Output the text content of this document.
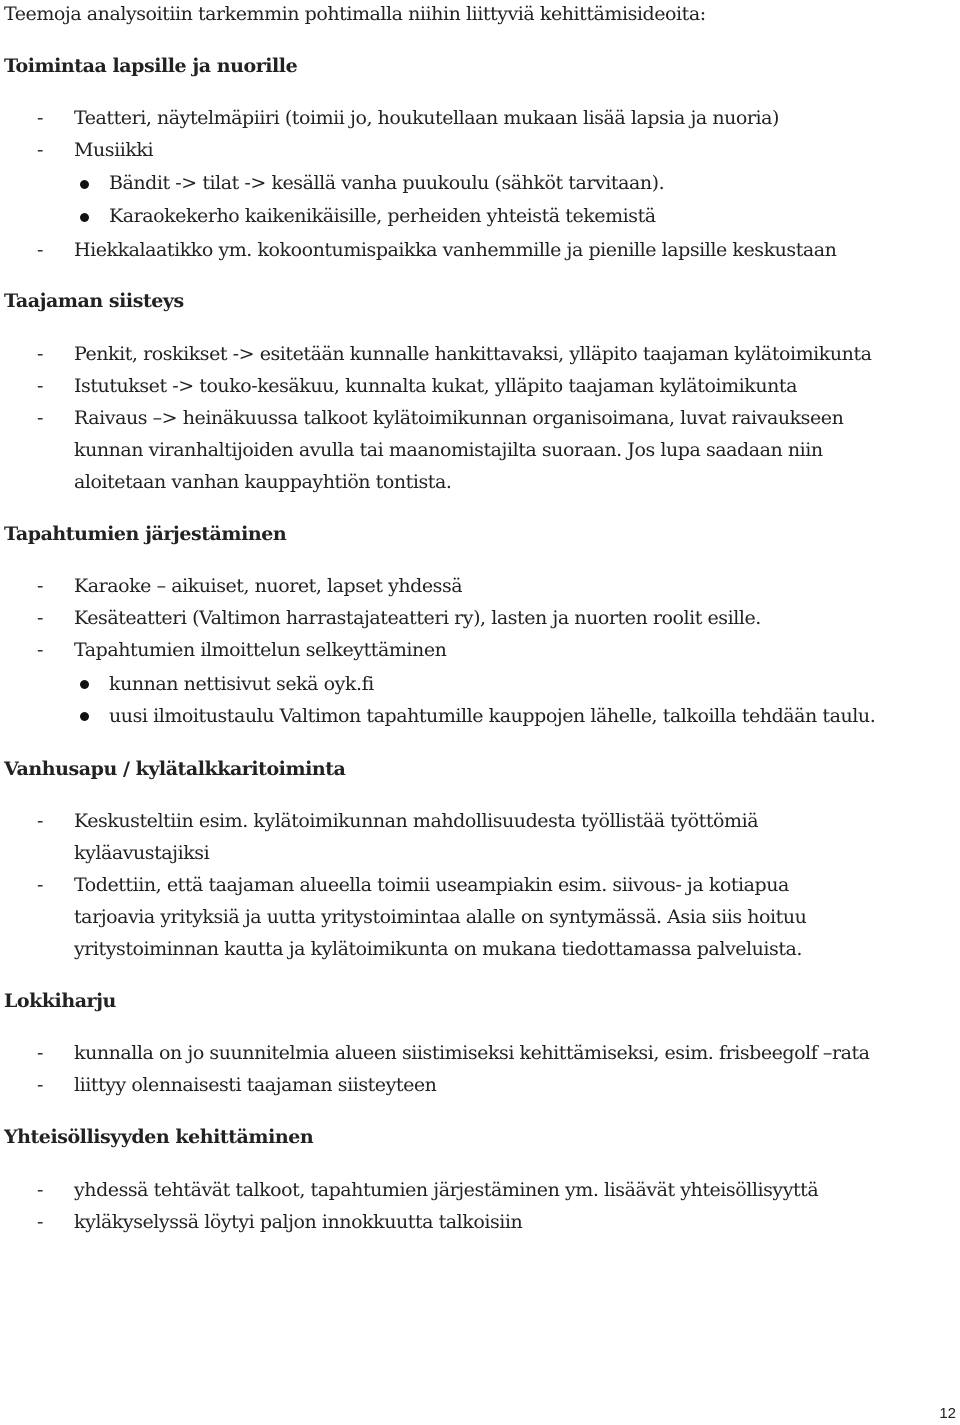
Teemoja analysoitiin tarkemmin pohtimalla niihin liittyviä kehittämisideoita:
Toimintaa lapsille ja nuorille
- Teatteri, näytelmäpiiri (toimii jo, houkutellaan mukaan lisää lapsia ja nuoria)
- Musiikki
Bändit -> tilat -> kesällä vanha puukoulu (sähköt tarvitaan).
Karaokekerho kaikenikäisille, perheiden yhteistä tekemistä
- Hiekkalaatikko ym. kokoontumispaikka vanhemmille ja pienille lapsille keskustaan
Taajaman siisteys
- Penkit, roskikset -> esitetään kunnalle hankittavaksi, ylläpito taajaman kylätoimikunta
- Istutukset -> touko-kesäkuu, kunnalta kukat, ylläpito taajaman kylätoimikunta
- Raivaus –> heinäkuussa talkoot kylätoimikunnan organisoimana, luvat raivaukseen
kunnan viranhaltijoiden avulla tai maanomistajilta suoraan. Jos lupa saadaan niin
aloitetaan vanhan kauppayhtiön tontista.
Tapahtumien järjestäminen
- Karaoke – aikuiset, nuoret, lapset yhdessä
- Kesäteatteri (Valtimon harrastajateatteri ry), lasten ja nuorten roolit esille.
- Tapahtumien ilmoittelun selkeyttäminen
kunnan nettisivut sekä oyk.fi
uusi ilmoitustaulu Valtimon tapahtumille kauppojen lähelle, talkoilla tehdään taulu.
Vanhusapu / kylätalkkaritoiminta
- Keskusteltiin esim. kylätoimikunnan mahdollisuudesta työllistää työttömiä
kyläavustajiksi
- Todettiin, että taajaman alueella toimii useampiakin esim. siivous- ja kotiapua
tarjoavia yrityksiä ja uutta yritystoimintaa alalle on syntymässä. Asia siis hoituu
yritystoiminnan kautta ja kylätoimikunta on mukana tiedottamassa palveluista.
Lokkiharju
- kunnalla on jo suunnitelmia alueen siistimiseksi kehittämiseksi, esim. frisbeegolf –rata
- liittyy olennaisesti taajaman siisteyteen
Yhteisöllisyyden kehittäminen
- yhdessä tehtävät talkoot, tapahtumien järjestäminen ym. lisäävät yhteisöllisyyttä
- kyläkyselyssä löytyi paljon innokkuutta talkoisiin
12
